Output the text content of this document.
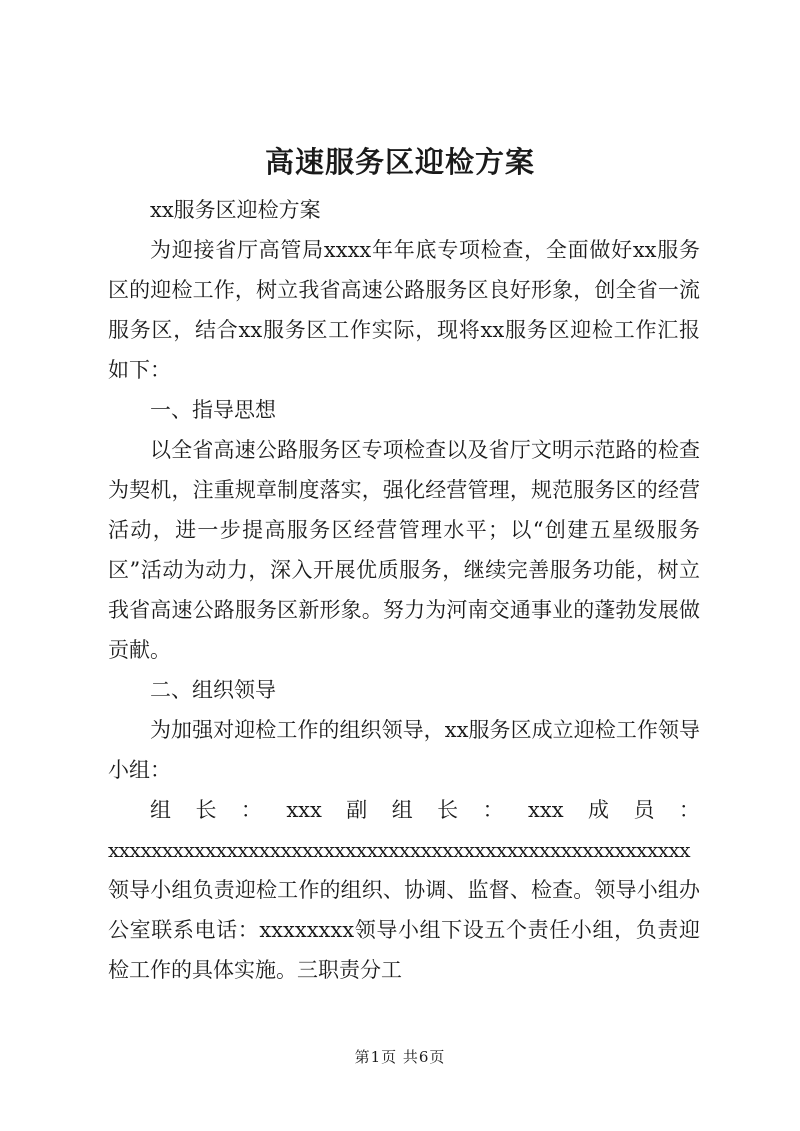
高速服务区迎检方案

xx服务区迎检方案

为迎接省厅高管局xxxx年年底专项检查，全面做好xx服务区的迎检工作，树立我省高速公路服务区良好形象，创全省一流服务区，结合xx服务区工作实际，现将xx服务区迎检工作汇报如下：

一、指导思想

以全省高速公路服务区专项检查以及省厅文明示范路的检查为契机，注重规章制度落实，强化经营管理，规范服务区的经营活动，进一步提高服务区经营管理水平；以“创建五星级服务区”活动为动力，深入开展优质服务，继续完善服务功能，树立我省高速公路服务区新形象。努力为河南交通事业的蓬勃发展做贡献。

二、组织领导

为加强对迎检工作的组织领导，xx服务区成立迎检工作领导小组：

组 长 ： xxx 副 组 长 ： xxx 成 员 ：
xxxxxxxxxxxxxxxxxxxxxxxxxxxxxxxxxxxxxxxxxxxxxxxxxxxxxx

领导小组负责迎检工作的组织、协调、监督、检查。领导小组办公室联系电话：xxxxxxxx领导小组下设五个责任小组，负责迎检工作的具体实施。三职责分工

第1页 共6页
